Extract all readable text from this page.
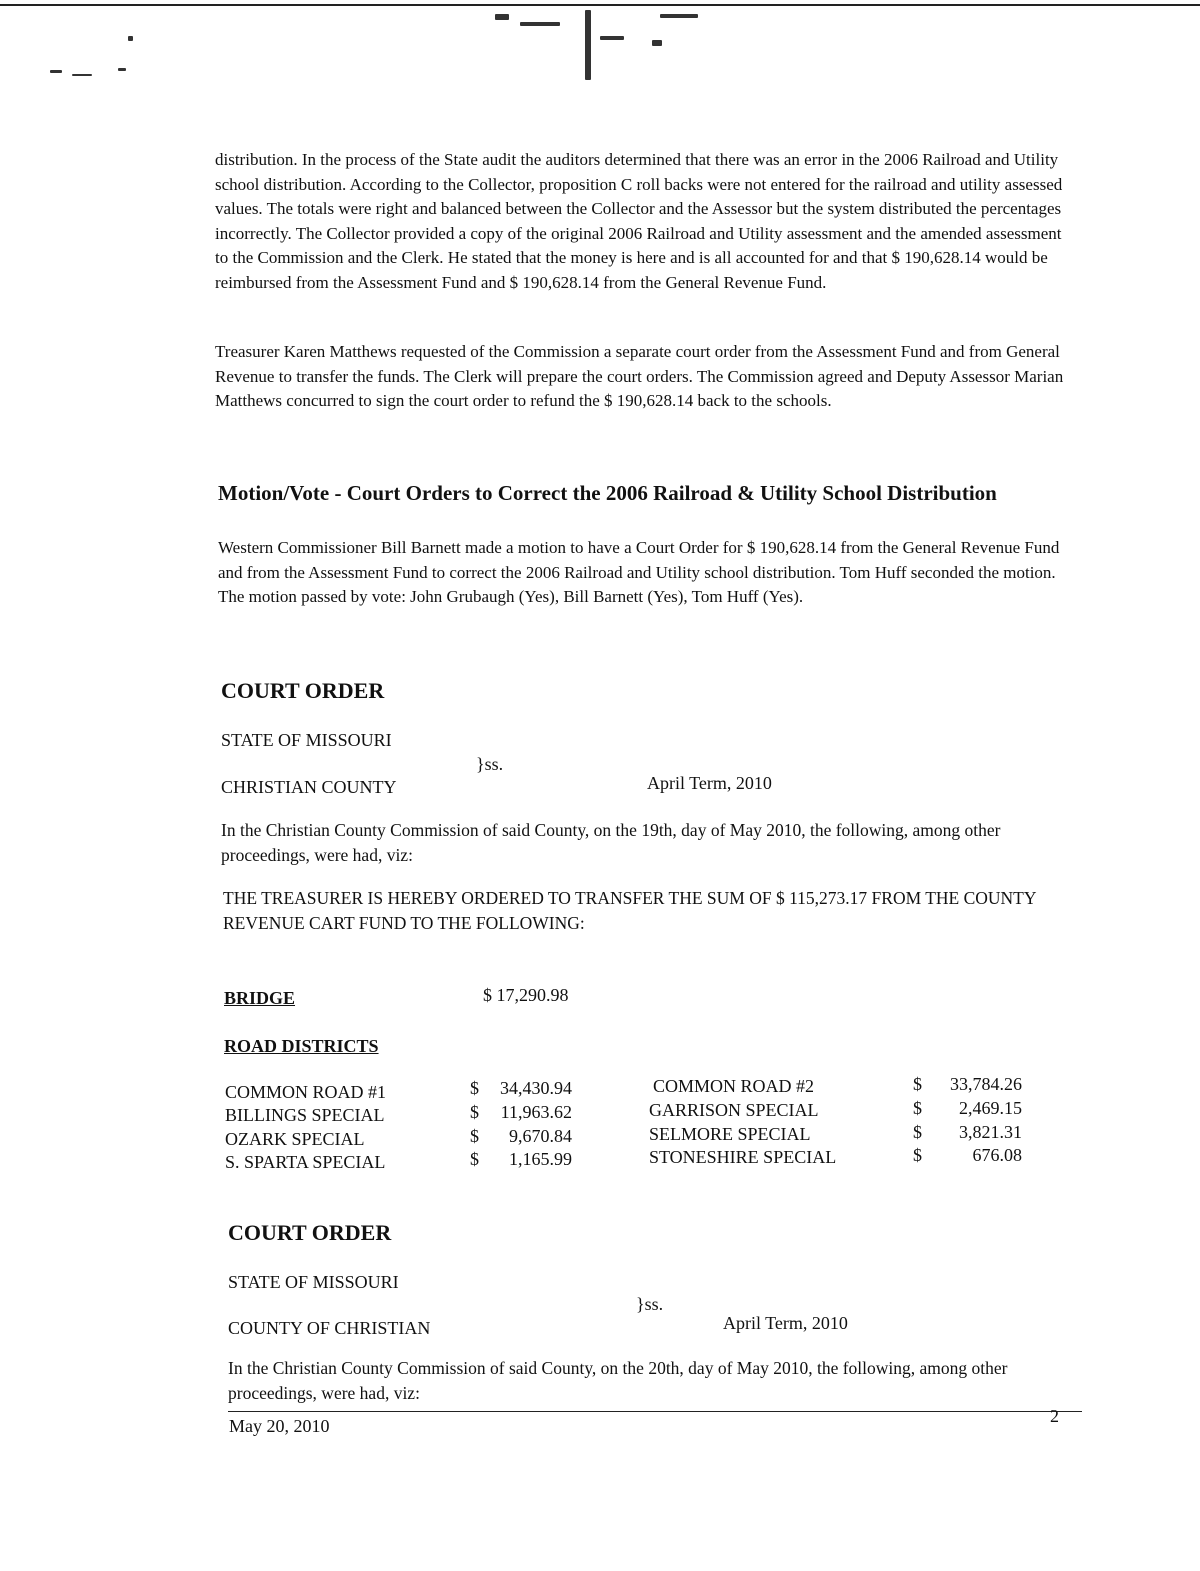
distribution. In the process of the State audit the auditors determined that there was an error in the 2006 Railroad and Utility school distribution. According to the Collector, proposition C roll backs were not entered for the railroad and utility assessed values. The totals were right and balanced between the Collector and the Assessor but the system distributed the percentages incorrectly. The Collector provided a copy of the original 2006 Railroad and Utility assessment and the amended assessment to the Commission and the Clerk. He stated that the money is here and is all accounted for and that $ 190,628.14 would be reimbursed from the Assessment Fund and $ 190,628.14 from the General Revenue Fund.

Treasurer Karen Matthews requested of the Commission a separate court order from the Assessment Fund and from General Revenue to transfer the funds. The Clerk will prepare the court orders. The Commission agreed and Deputy Assessor Marian Matthews concurred to sign the court order to refund the $ 190,628.14 back to the schools.

Motion/Vote - Court Orders to Correct the 2006 Railroad & Utility School Distribution

Western Commissioner Bill Barnett made a motion to have a Court Order for $ 190,628.14 from the General Revenue Fund and from the Assessment Fund to correct the 2006 Railroad and Utility school distribution. Tom Huff seconded the motion. The motion passed by vote: John Grubaugh (Yes), Bill Barnett (Yes), Tom Huff (Yes).

COURT ORDER
STATE OF MISSOURI
}ss.
CHRISTIAN COUNTY	April Term, 2010

In the Christian County Commission of said County, on the 19th, day of May 2010, the following, among other proceedings, were had, viz:

THE TREASURER IS HEREBY ORDERED TO TRANSFER THE SUM OF $ 115,273.17 FROM THE COUNTY REVENUE CART FUND TO THE FOLLOWING:

BRIDGE	$ 17,290.98
ROAD DISTRICTS
COMMON ROAD #1	$	34,430.94
BILLINGS SPECIAL	$	11,963.62
OZARK SPECIAL	$	9,670.84
S. SPARTA SPECIAL	$	1,165.99
COMMON ROAD #2	$	33,784.26
GARRISON SPECIAL	$	2,469.15
SELMORE SPECIAL	$	3,821.31
STONESHIRE SPECIAL	$	676.08
COURT ORDER
STATE OF MISSOURI
}ss.
COUNTY OF CHRISTIAN	April Term, 2010

In the Christian County Commission of said County, on the 20th, day of May 2010, the following, among other proceedings, were had, viz:

May 20, 2010	2
